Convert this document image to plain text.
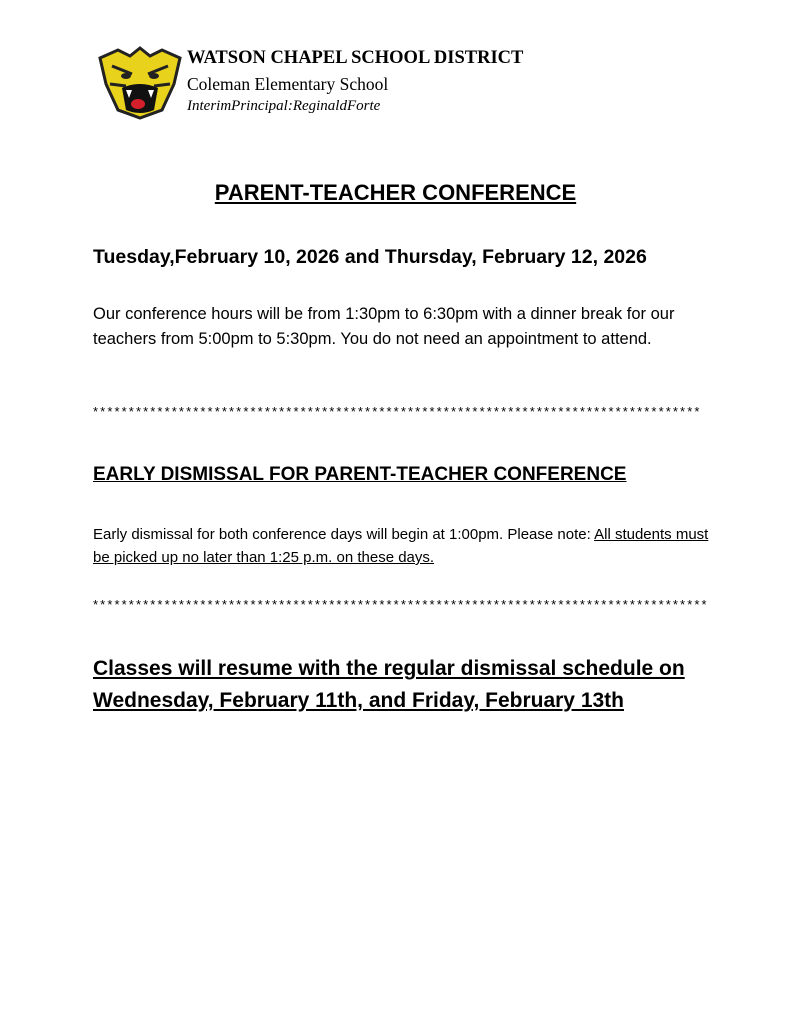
WATSON CHAPEL SCHOOL DISTRICT
Coleman Elementary School
InterimPrincipal:ReginaldForte
PARENT-TEACHER CONFERENCE
Tuesday,February 10, 2026 and Thursday, February 12, 2026
Our conference hours will be from 1:30pm to 6:30pm with a dinner break for our teachers from 5:00pm to 5:30pm. You do not need an appointment to attend.
*************************************************************************************
EARLY DISMISSAL FOR PARENT-TEACHER CONFERENCE
Early dismissal for both conference days will begin at 1:00pm. Please note: All students must be picked up no later than 1:25 p.m. on these days.
**************************************************************************************
Classes will resume with the regular dismissal schedule on Wednesday, February 11th, and Friday, February 13th
